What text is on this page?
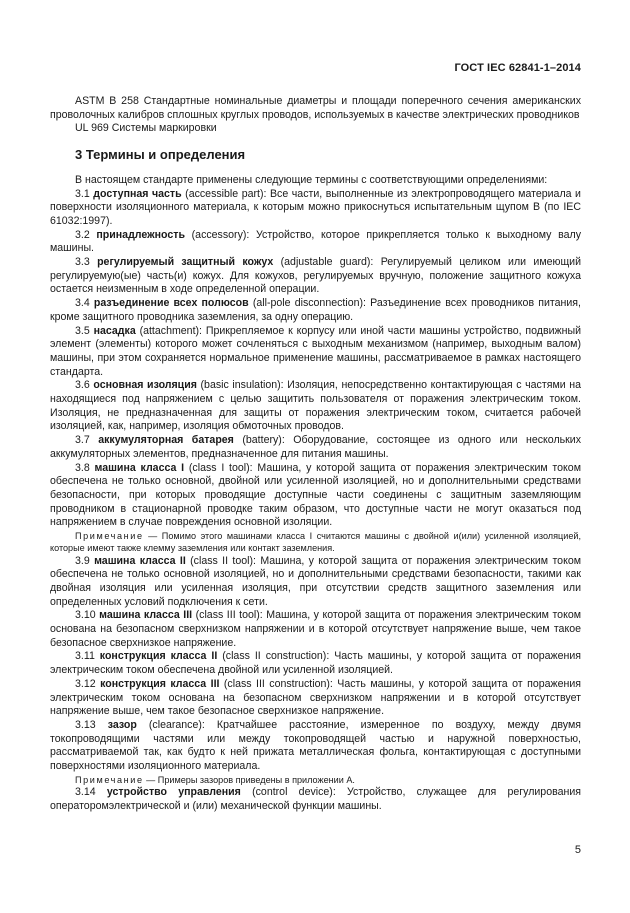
ГОСТ IEC 62841-1–2014

ASTM B 258 Стандартные номинальные диаметры и площади поперечного сечения американских проволочных калибров сплошных круглых проводов, используемых в качестве электрических проводников

UL 969 Системы маркировки

3 Термины и определения

В настоящем стандарте применены следующие термины с соответствующими определениями:

3.1 доступная часть (accessible part): Все части, выполненные из электропроводящего материала и поверхности изоляционного материала, к которым можно прикоснуться испытательным щупом В (по IEC 61032:1997).

3.2 принадлежность (accessory): Устройство, которое прикрепляется только к выходному валу машины.

3.3 регулируемый защитный кожух (adjustable guard): Регулируемый целиком или имеющий регулируемую(ые) часть(и) кожух. Для кожухов, регулируемых вручную, положение защитного кожуха остается неизменным в ходе определенной операции.

3.4 разъединение всех полюсов (all-pole disconnection): Разъединение всех проводников питания, кроме защитного проводника заземления, за одну операцию.

3.5 насадка (attachment): Прикрепляемое к корпусу или иной части машины устройство, подвижный элемент (элементы) которого может сочленяться с выходным механизмом (например, выходным валом) машины, при этом сохраняется нормальное применение машины, рассматриваемое в рамках настоящего стандарта.

3.6 основная изоляция (basic insulation): Изоляция, непосредственно контактирующая с частями на находящиеся под напряжением с целью защитить пользователя от поражения электрическим током. Изоляция, не предназначенная для защиты от поражения электрическим током, считается рабочей изоляцией, как, например, изоляция обмоточных проводов.

3.7 аккумуляторная батарея (battery): Оборудование, состоящее из одного или нескольких аккумуляторных элементов, предназначенное для питания машины.

3.8 машина класса I (class I tool): Машина, у которой защита от поражения электрическим током обеспечена не только основной, двойной или усиленной изоляцией, но и дополнительными средствами безопасности, при которых проводящие доступные части соединены с защитным заземляющим проводником в стационарной проводке таким образом, что доступные части не могут оказаться под напряжением в случае повреждения основной изоляции.

Примечание — Помимо этого машинами класса I считаются машины с двойной и(или) усиленной изоляцией, которые имеют также клемму заземления или контакт заземления.

3.9 машина класса II (class II tool): Машина, у которой защита от поражения электрическим током обеспечена не только основной изоляцией, но и дополнительными средствами безопасности, такими как двойная изоляция или усиленная изоляция, при отсутствии средств защитного заземления или определенных условий подключения к сети.

3.10 машина класса III (class III tool): Машина, у которой защита от поражения электрическим током основана на безопасном сверхнизком напряжении и в которой отсутствует напряжение выше, чем такое безопасное сверхнизкое напряжение.

3.11 конструкция класса II (class II construction): Часть машины, у которой защита от поражения электрическим током обеспечена двойной или усиленной изоляцией.

3.12 конструкция класса III (class III construction): Часть машины, у которой защита от поражения электрическим током основана на безопасном сверхнизком напряжении и в которой отсутствует напряжение выше, чем такое безопасное сверхнизкое напряжение.

3.13 зазор (clearance): Кратчайшее расстояние, измеренное по воздуху, между двумя токопроводящими частями или между токопроводящей частью и наружной поверхностью, рассматриваемой так, как будто к ней прижата металлическая фольга, контактирующая с доступными поверхностями изоляционного материала.

Примечание — Примеры зазоров приведены в приложении А.

3.14 устройство управления (control device): Устройство, служащее для регулирования операторомэлектрической и (или) механической функции машины.

5
